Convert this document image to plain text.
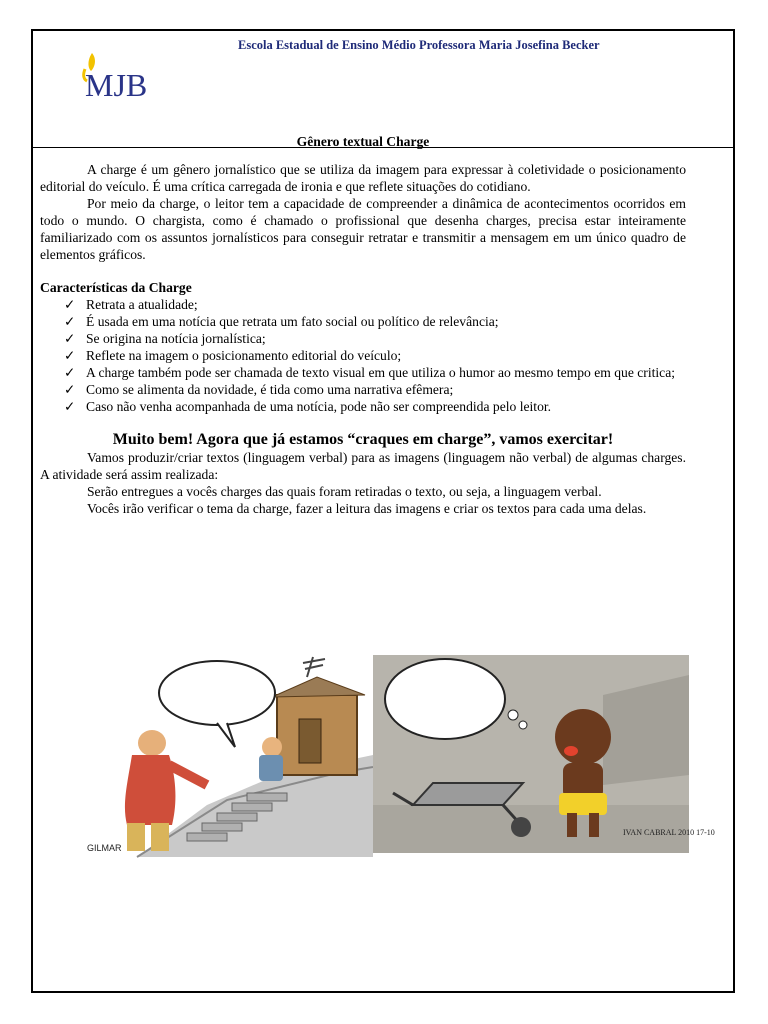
MJB
Escola Estadual de Ensino Médio Professora Maria Josefina Becker
Gênero textual Charge

A charge é um gênero jornalístico que se utiliza da imagem para expressar à coletividade o posicionamento editorial do veículo. É uma crítica carregada de ironia e que reflete situações do cotidiano.

Por meio da charge, o leitor tem a capacidade de compreender a dinâmica de acontecimentos ocorridos em todo o mundo. O chargista, como é chamado o profissional que desenha charges, precisa estar inteiramente familiarizado com os assuntos jornalísticos para conseguir retratar e transmitir a mensagem em um único quadro de elementos gráficos.

Características da Charge
✓ Retrata a atualidade;
✓ É usada em uma notícia que retrata um fato social ou político de relevância;
✓ Se origina na notícia jornalística;
✓ Reflete na imagem o posicionamento editorial do veículo;
✓ A charge também pode ser chamada de texto visual em que utiliza o humor ao mesmo tempo em que critica;
✓ Como se alimenta da novidade, é tida como uma narrativa efêmera;
✓ Caso não venha acompanhada de uma notícia, pode não ser compreendida pelo leitor.
Muito bem! Agora que já estamos “craques em charge”, vamos exercitar!

Vamos produzir/criar textos (linguagem verbal) para as imagens (linguagem não verbal) de algumas charges. A atividade será assim realizada:

Serão entregues a vocês charges das quais foram retiradas o texto, ou seja, a linguagem verbal.

Vocês irão verificar o tema da charge, fazer a leitura das imagens e criar os textos para cada uma delas.

GILMAR
IVAN CABRAL 2010 17-10
